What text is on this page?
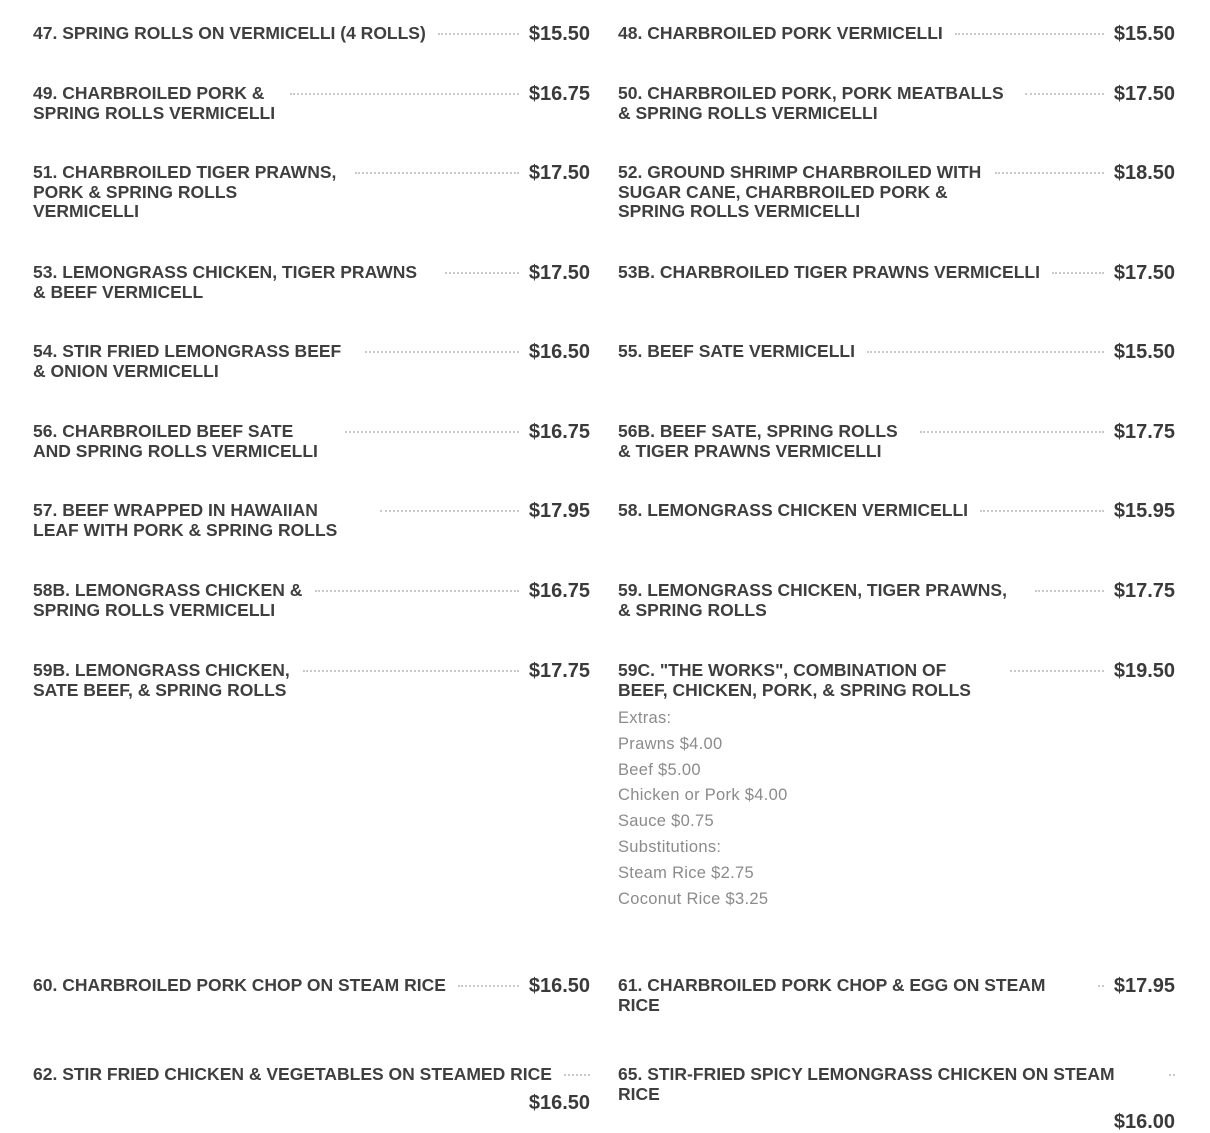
47. SPRING ROLLS ON VERMICELLI (4 ROLLS)	$15.50
49. CHARBROILED PORK & SPRING ROLLS VERMICELLI
$16.75
51. CHARBROILED TIGER PRAWNS, PORK & SPRING ROLLS VERMICELLI
$17.50
53. LEMONGRASS CHICKEN, TIGER PRAWNS & BEEF VERMICELL
$17.50
54. STIR FRIED LEMONGRASS BEEF & ONION VERMICELLI
$16.50
56. CHARBROILED BEEF SATE AND SPRING ROLLS VERMICELLI
$16.75
57. BEEF WRAPPED IN HAWAIIAN LEAF WITH PORK & SPRING ROLLS
$17.95
58B. LEMONGRASS CHICKEN & SPRING ROLLS VERMICELLI
$16.75
59B. LEMONGRASS CHICKEN, SATE BEEF, & SPRING ROLLS
$17.75
60. CHARBROILED PORK CHOP ON STEAM RICE	$16.50
62. STIR FRIED CHICKEN & VEGETABLES ON STEAMED RICE
$16.50
48. CHARBROILED PORK VERMICELLI	$15.50
50. CHARBROILED PORK, PORK MEATBALLS & SPRING ROLLS VERMICELLI
$17.50
52. GROUND SHRIMP CHARBROILED WITH SUGAR CANE, CHARBROILED PORK & SPRING ROLLS VERMICELLI
$18.50
53B. CHARBROILED TIGER PRAWNS VERMICELLI	$17.50
55. BEEF SATE VERMICELLI	$15.50
56B. BEEF SATE, SPRING ROLLS & TIGER PRAWNS VERMICELLI
$17.75
58. LEMONGRASS CHICKEN VERMICELLI	$15.95
59. LEMONGRASS CHICKEN, TIGER PRAWNS, & SPRING ROLLS
$17.75
59C. "THE WORKS", COMBINATION OF BEEF, CHICKEN, PORK, & SPRING ROLLS
$19.50
Extras:
Prawns $4.00
Beef $5.00
Chicken or Pork $4.00
Sauce $0.75
Substitutions:
Steam Rice $2.75
Coconut Rice $3.25
61. CHARBROILED PORK CHOP & EGG ON STEAM RICE
$17.95
65. STIR-FRIED SPICY LEMONGRASS CHICKEN ON STEAM RICE
$16.00
